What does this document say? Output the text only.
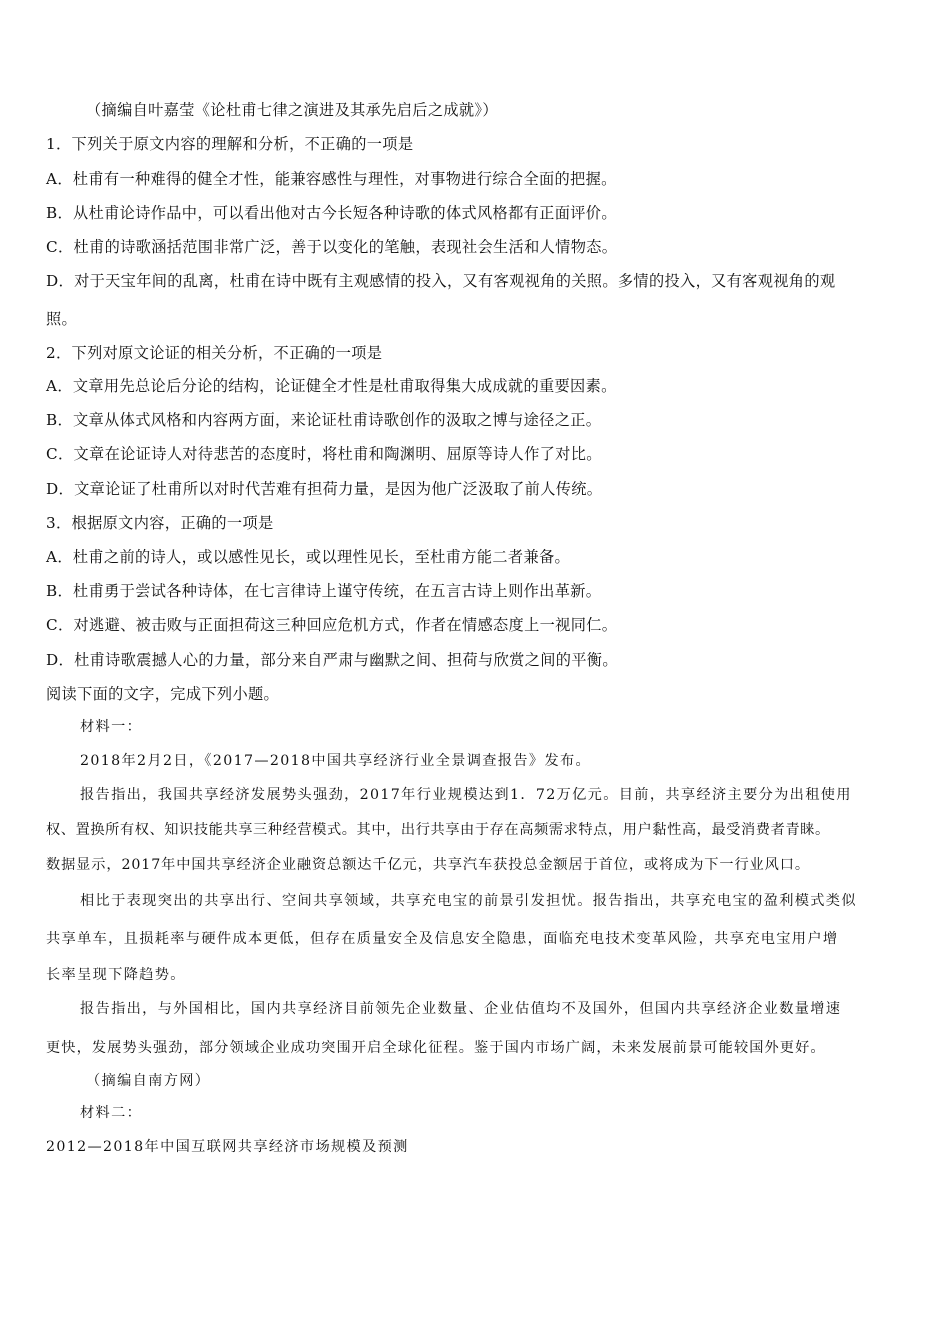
（摘编自叶嘉莹《论杜甫七律之演进及其承先启后之成就》）

1．下列关于原文内容的理解和分析，不正确的一项是

A．杜甫有一种难得的健全才性，能兼容感性与理性，对事物进行综合全面的把握。

B．从杜甫论诗作品中，可以看出他对古今长短各种诗歌的体式风格都有正面评价。

C．杜甫的诗歌涵括范围非常广泛，善于以变化的笔触，表现社会生活和人情物态。

D．对于天宝年间的乱离，杜甫在诗中既有主观感情的投入，又有客观视角的关照。多情的投入，又有客观视角的观

照。

2．下列对原文论证的相关分析，不正确的一项是

A．文章用先总论后分论的结构，论证健全才性是杜甫取得集大成成就的重要因素。

B．文章从体式风格和内容两方面，来论证杜甫诗歌创作的汲取之博与途径之正。

C．文章在论证诗人对待悲苦的态度时，将杜甫和陶渊明、屈原等诗人作了对比。

D．文章论证了杜甫所以对时代苦难有担荷力量，是因为他广泛汲取了前人传统。

3．根据原文内容，正确的一项是

A．杜甫之前的诗人，或以感性见长，或以理性见长，至杜甫方能二者兼备。

B．杜甫勇于尝试各种诗体，在七言律诗上谨守传统，在五言古诗上则作出革新。

C．对逃避、被击败与正面担荷这三种回应危机方式，作者在情感态度上一视同仁。

D．杜甫诗歌震撼人心的力量，部分来自严肃与幽默之间、担荷与欣赏之间的平衡。

阅读下面的文字，完成下列小题。

材料一：

2018年2月2日，《2017—2018中国共享经济行业全景调查报告》发布。

报告指出，我国共享经济发展势头强劲，2017年行业规模达到1．72万亿元。目前，共享经济主要分为出租使用

权、置换所有权、知识技能共享三种经营模式。其中，出行共享由于存在高频需求特点，用户黏性高，最受消费者青睐。

数据显示，2017年中国共享经济企业融资总额达千亿元，共享汽车获投总金额居于首位，或将成为下一行业风口。

相比于表现突出的共享出行、空间共享领域，共享充电宝的前景引发担忧。报告指出，共享充电宝的盈利模式类似

共享单车，且损耗率与硬件成本更低，但存在质量安全及信息安全隐患，面临充电技术变革风险，共享充电宝用户增

长率呈现下降趋势。

报告指出，与外国相比，国内共享经济目前领先企业数量、企业估值均不及国外，但国内共享经济企业数量增速

更快，发展势头强劲，部分领域企业成功突围开启全球化征程。鉴于国内市场广阔，未来发展前景可能较国外更好。

（摘编自南方网）

材料二：

2012—2018年中国互联网共享经济市场规模及预测
